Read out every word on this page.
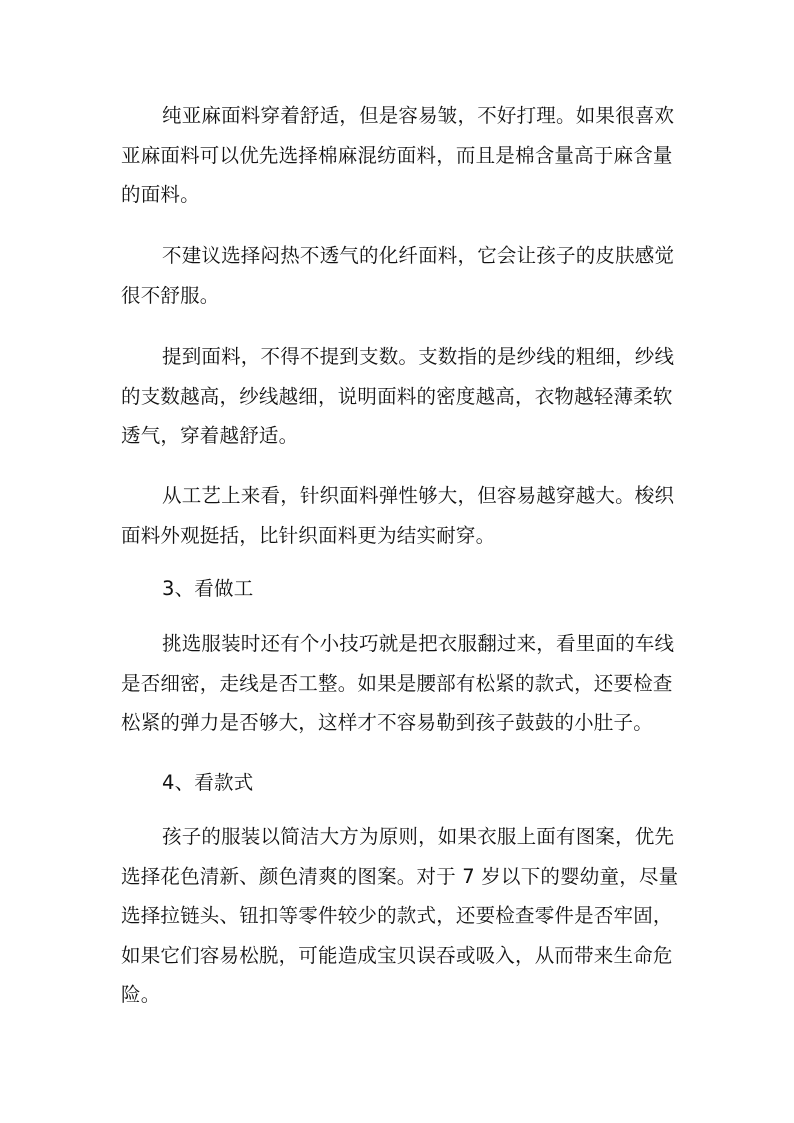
纯亚麻面料穿着舒适，但是容易皱，不好打理。如果很喜欢
亚麻面料可以优先选择棉麻混纺面料，而且是棉含量高于麻含量
的面料。

不建议选择闷热不透气的化纤面料，它会让孩子的皮肤感觉
很不舒服。

提到面料，不得不提到支数。支数指的是纱线的粗细，纱线
的支数越高，纱线越细，说明面料的密度越高，衣物越轻薄柔软
透气，穿着越舒适。

从工艺上来看，针织面料弹性够大，但容易越穿越大。梭织
面料外观挺括，比针织面料更为结实耐穿。

3、看做工

挑选服装时还有个小技巧就是把衣服翻过来，看里面的车线
是否细密，走线是否工整。如果是腰部有松紧的款式，还要检查
松紧的弹力是否够大，这样才不容易勒到孩子鼓鼓的小肚子。

4、看款式

孩子的服装以简洁大方为原则，如果衣服上面有图案，优先
选择花色清新、颜色清爽的图案。对于 7 岁以下的婴幼童，尽量
选择拉链头、钮扣等零件较少的款式，还要检查零件是否牢固，
如果它们容易松脱，可能造成宝贝误吞或吸入，从而带来生命危
险。
